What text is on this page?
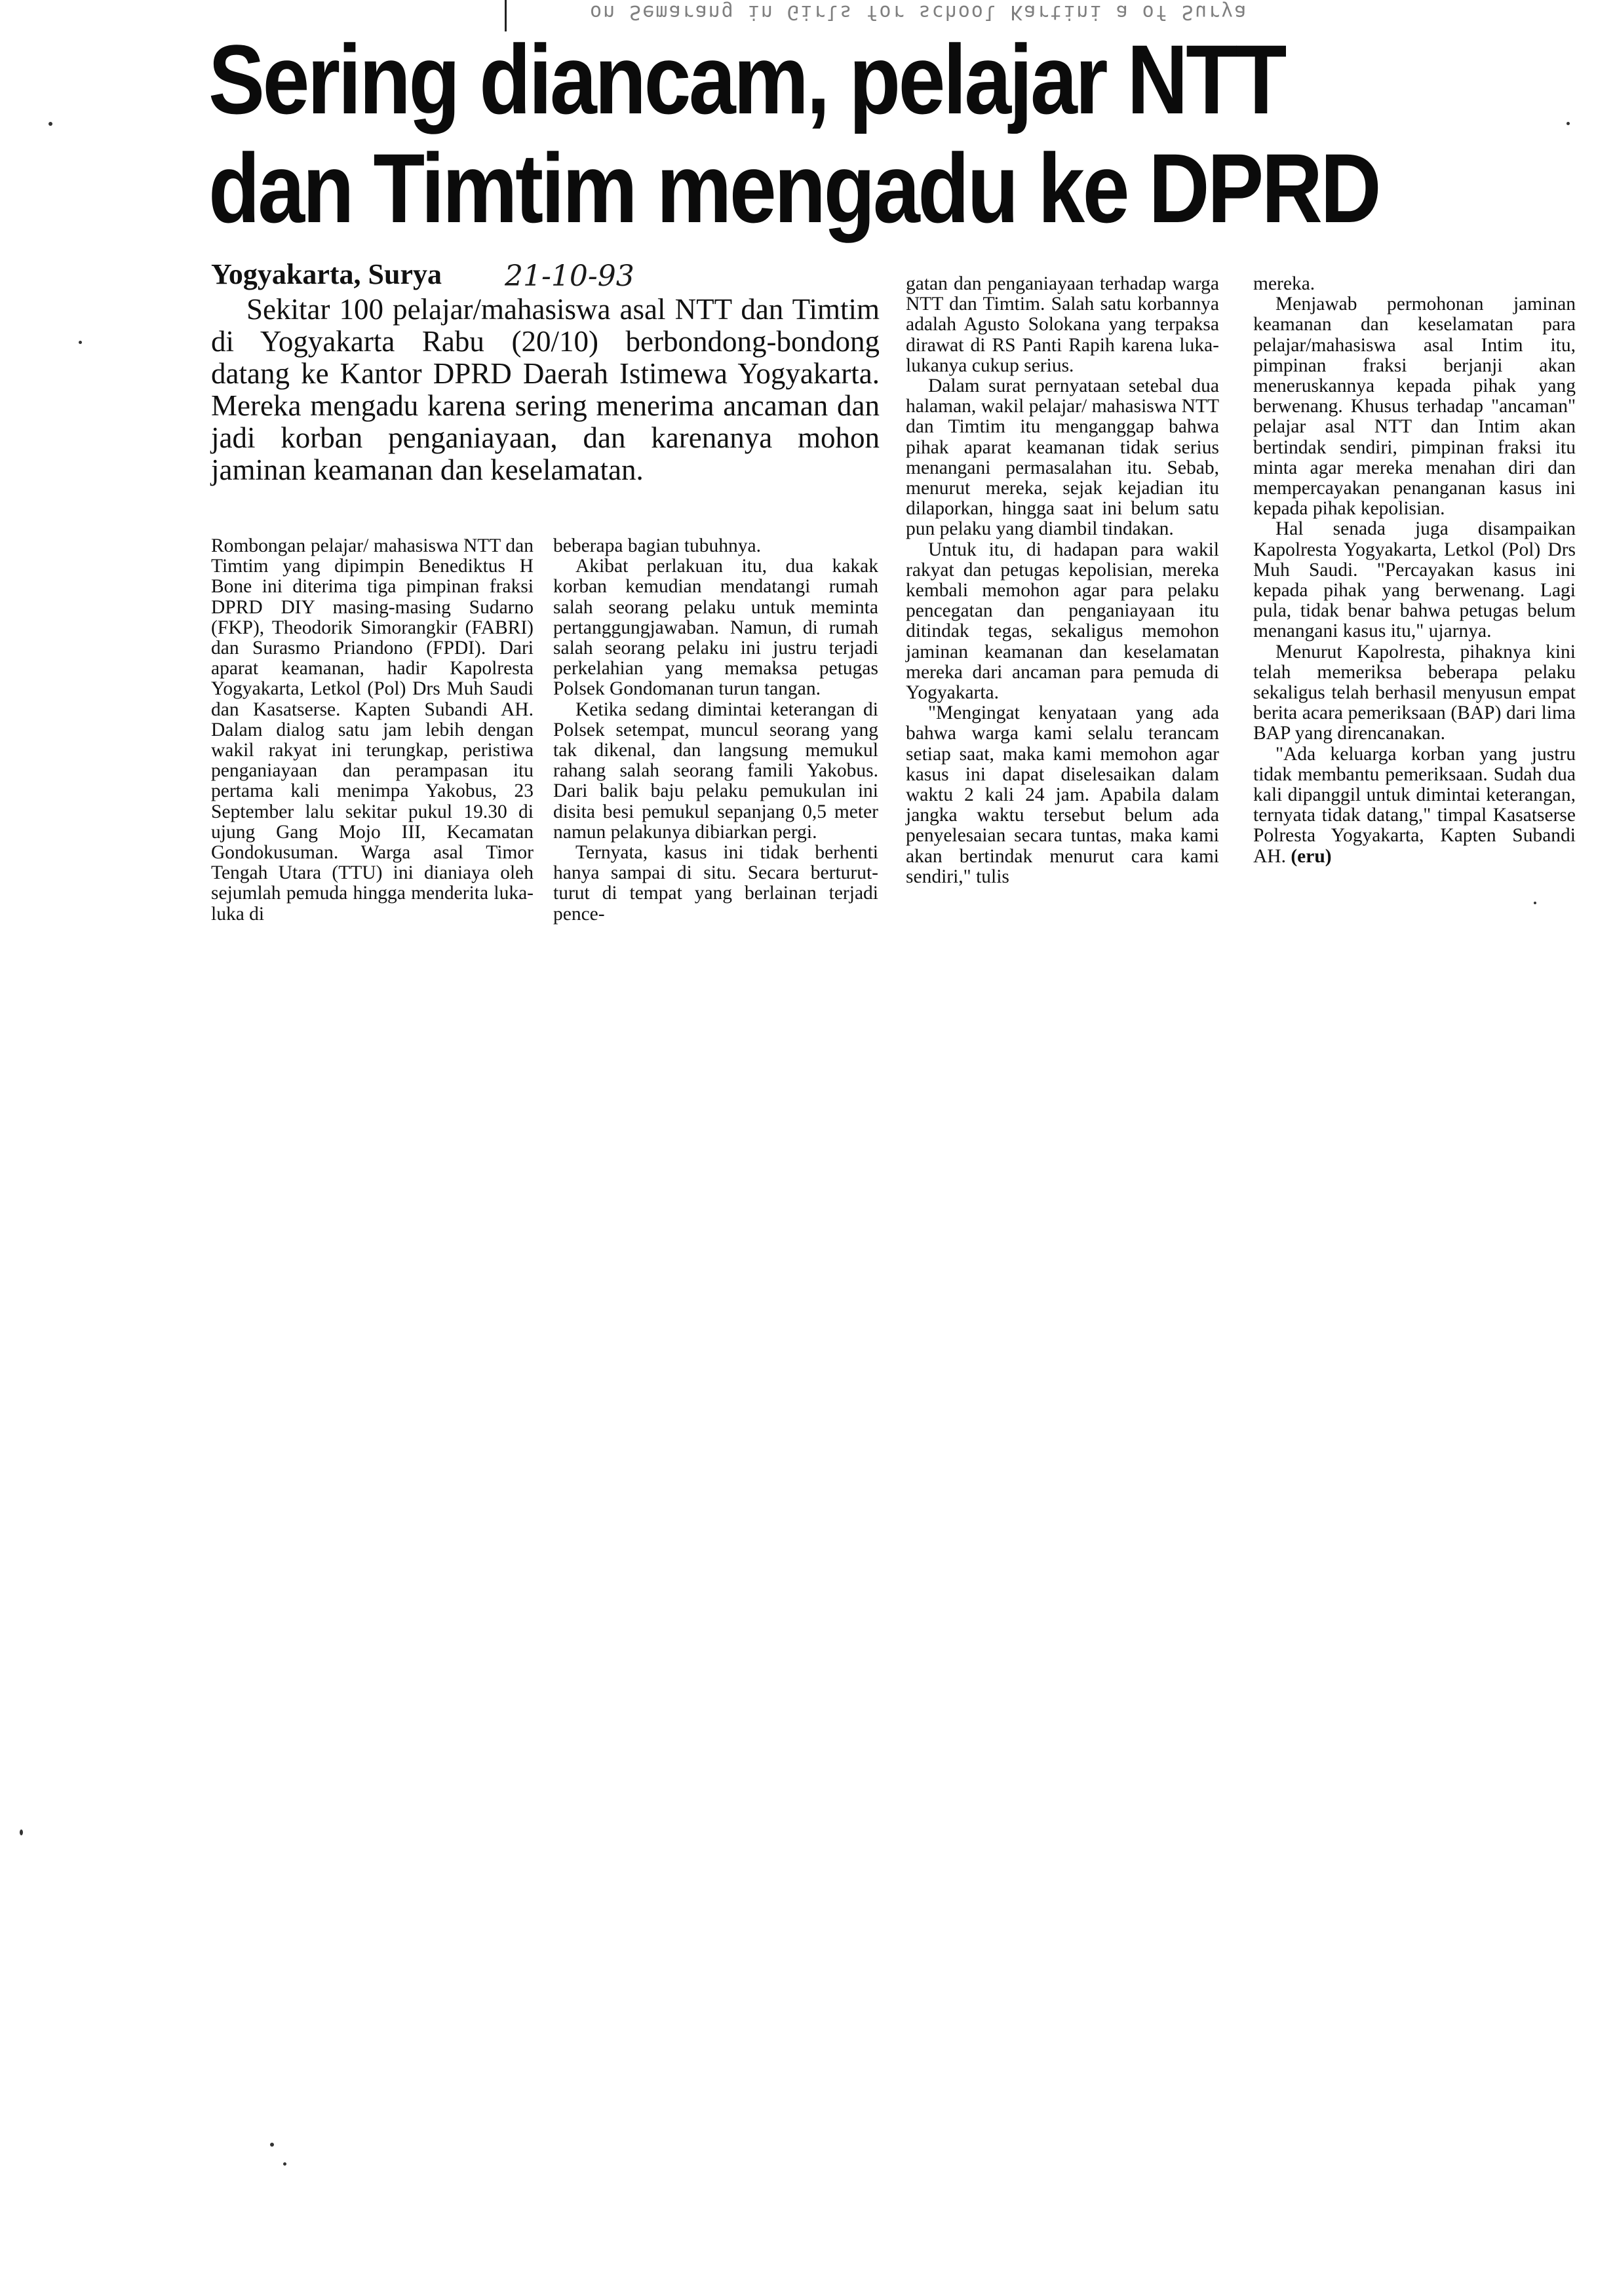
on Semarang in Girls for school Kartini a of Surya
Sering diancam, pelajar NTT
dan Timtim mengadu ke DPRD
Yogyakarta, Surya 21-10-93

Sekitar 100 pelajar/mahasiswa asal NTT dan Timtim di Yogyakarta Rabu (20/10) berbondong-bondong datang ke Kantor DPRD Daerah Istimewa Yogyakarta. Mereka mengadu karena sering menerima ancaman dan jadi korban penganiayaan, dan karenanya mohon jaminan keamanan dan keselamatan.

Rombongan pelajar/ mahasiswa NTT dan Timtim yang dipimpin Benediktus H Bone ini diterima tiga pimpinan fraksi DPRD DIY masing-masing Sudarno (FKP), Theodorik Simorangkir (FABRI) dan Surasmo Priandono (FPDI). Dari aparat keamanan, hadir Kapolresta Yogyakarta, Letkol (Pol) Drs Muh Saudi dan Kasatserse. Kapten Subandi AH. Dalam dialog satu jam lebih dengan wakil rakyat ini terungkap, peristiwa penganiayaan dan perampasan itu pertama kali menimpa Yakobus, 23 September lalu sekitar pukul 19.30 di ujung Gang Mojo III, Kecamatan Gondokusuman. Warga asal Timor Tengah Utara (TTU) ini dianiaya oleh sejumlah pemuda hingga menderita luka-luka di

beberapa bagian tubuhnya.

Akibat perlakuan itu, dua kakak korban kemudian mendatangi rumah salah seorang pelaku untuk meminta pertanggungjawaban. Namun, di rumah salah seorang pelaku ini justru terjadi perkelahian yang memaksa petugas Polsek Gondomanan turun tangan.

Ketika sedang dimintai keterangan di Polsek setempat, muncul seorang yang tak dikenal, dan langsung memukul rahang salah seorang famili Yakobus. Dari balik baju pelaku pemukulan ini disita besi pemukul sepanjang 0,5 meter namun pelakunya dibiarkan pergi.

Ternyata, kasus ini tidak berhenti hanya sampai di situ. Secara berturut-turut di tempat yang berlainan terjadi pence-

gatan dan penganiayaan terhadap warga NTT dan Timtim. Salah satu korbannya adalah Agusto Solokana yang terpaksa dirawat di RS Panti Rapih karena luka-lukanya cukup serius.

Dalam surat pernyataan setebal dua halaman, wakil pelajar/ mahasiswa NTT dan Timtim itu menganggap bahwa pihak aparat keamanan tidak serius menangani permasalahan itu. Sebab, menurut mereka, sejak kejadian itu dilaporkan, hingga saat ini belum satu pun pelaku yang diambil tindakan.

Untuk itu, di hadapan para wakil rakyat dan petugas kepolisian, mereka kembali memohon agar para pelaku pencegatan dan penganiayaan itu ditindak tegas, sekaligus memohon jaminan keamanan dan keselamatan mereka dari ancaman para pemuda di Yogyakarta.

"Mengingat kenyataan yang ada bahwa warga kami selalu terancam setiap saat, maka kami memohon agar kasus ini dapat diselesaikan dalam waktu 2 kali 24 jam. Apabila dalam jangka waktu tersebut belum ada penyelesaian secara tuntas, maka kami akan bertindak menurut cara kami sendiri," tulis

mereka.

Menjawab permohonan jaminan keamanan dan keselamatan para pelajar/mahasiswa asal Intim itu, pimpinan fraksi berjanji akan meneruskannya kepada pihak yang berwenang. Khusus terhadap "ancaman" pelajar asal NTT dan Intim akan bertindak sendiri, pimpinan fraksi itu minta agar mereka menahan diri dan mempercayakan penanganan kasus ini kepada pihak kepolisian.

Hal senada juga disampaikan Kapolresta Yogyakarta, Letkol (Pol) Drs Muh Saudi. "Percayakan kasus ini kepada pihak yang berwenang. Lagi pula, tidak benar bahwa petugas belum menangani kasus itu," ujarnya.

Menurut Kapolresta, pihaknya kini telah memeriksa beberapa pelaku sekaligus telah berhasil menyusun empat berita acara pemeriksaan (BAP) dari lima BAP yang direncanakan.

"Ada keluarga korban yang justru tidak membantu pemeriksaan. Sudah dua kali dipanggil untuk dimintai keterangan, ternyata tidak datang," timpal Kasatserse Polresta Yogyakarta, Kapten Subandi AH. (eru)
